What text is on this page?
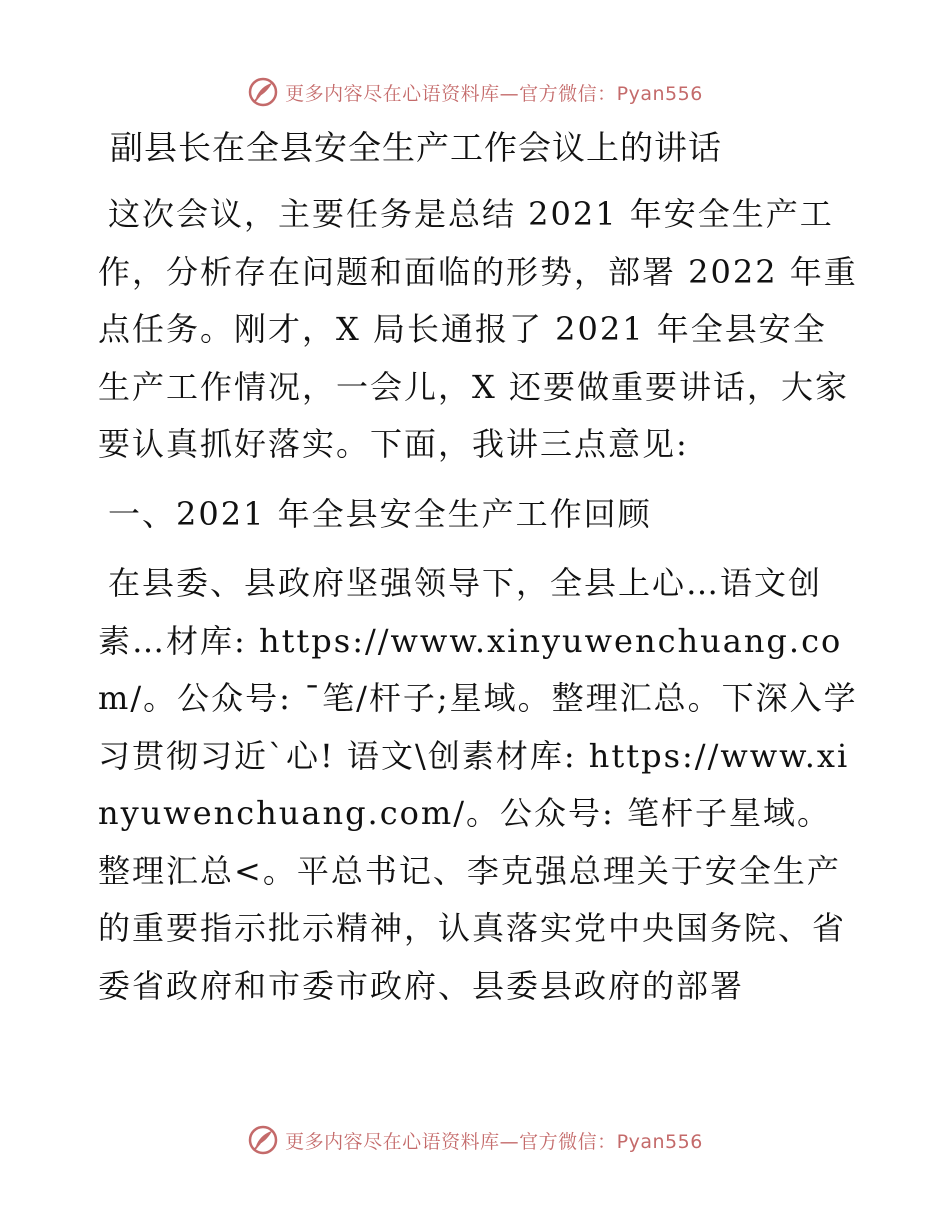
更多内容尽在心语资料库—官方微信：Pyan556
副县长在全县安全生产工作会议上的讲话

这次会议，主要任务是总结 2021 年安全生产工作，分析存在问题和面临的形势，部署 2022 年重点任务。刚才，X 局长通报了 2021 年全县安全生产工作情况，一会儿，X 还要做重要讲话，大家要认真抓好落实。下面，我讲三点意见:

一、2021 年全县安全生产工作回顾

在县委、县政府坚强领导下，全县上心…语文创素…材库: https://www.xinyuwenchuang.com/。公众号: ¯笔/杆子;星域。整理汇总。下深入学习贯彻习近`心! 语文\创素材库: https://www.xinyuwenchuang.com/。公众号: 笔杆子星域。整理汇总<。平总书记、李克强总理关于安全生产的重要指示批示精神，认真落实党中央国务院、省委省政府和市委市政府、县委县政府的部署

更多内容尽在心语资料库—官方微信：Pyan556
